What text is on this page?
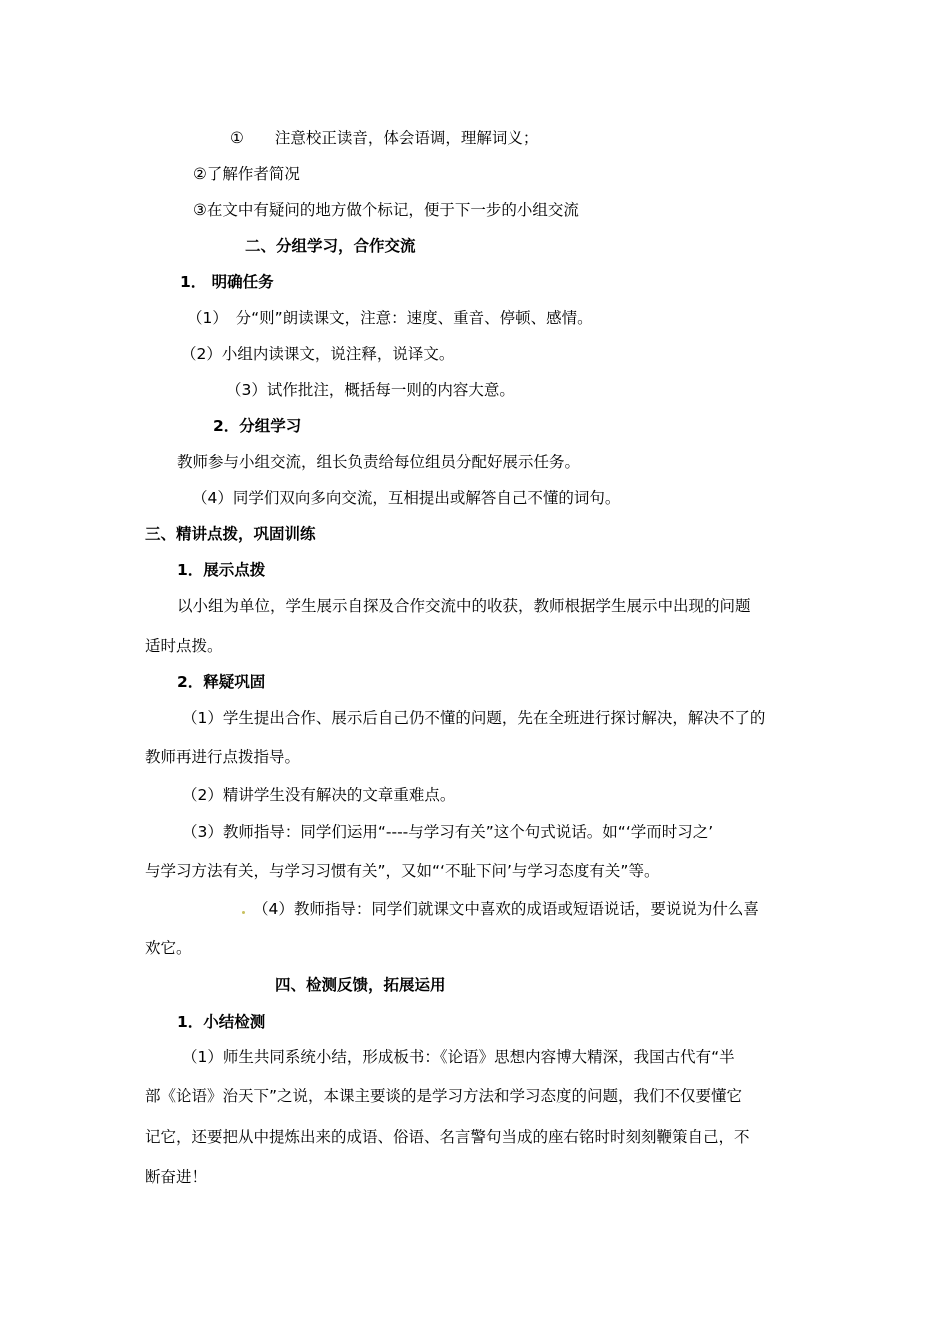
①　　注意校正读音，体会语调，理解词义；
②了解作者简况
③在文中有疑问的地方做个标记，便于下一步的小组交流
二、分组学习，合作交流
1． 明确任务
（1）　分“则”朗读课文，注意：速度、重音、停顿、感情。
（2）小组内读课文，说注释，说译文。
（3）试作批注，概括每一则的内容大意。
2．分组学习
教师参与小组交流，组长负责给每位组员分配好展示任务。
（4）同学们双向多向交流，互相提出或解答自己不懂的词句。
三、精讲点拨，巩固训练
1．展示点拨
以小组为单位，学生展示自探及合作交流中的收获，教师根据学生展示中出现的问题
适时点拨。
2．释疑巩固
（1）学生提出合作、展示后自己仍不懂的问题，先在全班进行探讨解决，解决不了的
教师再进行点拨指导。
（2）精讲学生没有解决的文章重难点。
（3）教师指导：同学们运用“----与学习有关”这个句式说话。如“‘学而时习之’
与学习方法有关，与学习习惯有关”，又如“‘不耻下问’与学习态度有关”等。
（4）教师指导：同学们就课文中喜欢的成语或短语说话，要说说为什么喜
欢它。
四、检测反馈，拓展运用
1．小结检测
（1）师生共同系统小结，形成板书：《论语》思想内容博大精深，我国古代有“半
部《论语》治天下”之说，本课主要谈的是学习方法和学习态度的问题，我们不仅要懂它
记它，还要把从中提炼出来的成语、俗语、名言警句当成的座右铭时时刻刻鞭策自己，不
断奋进！
